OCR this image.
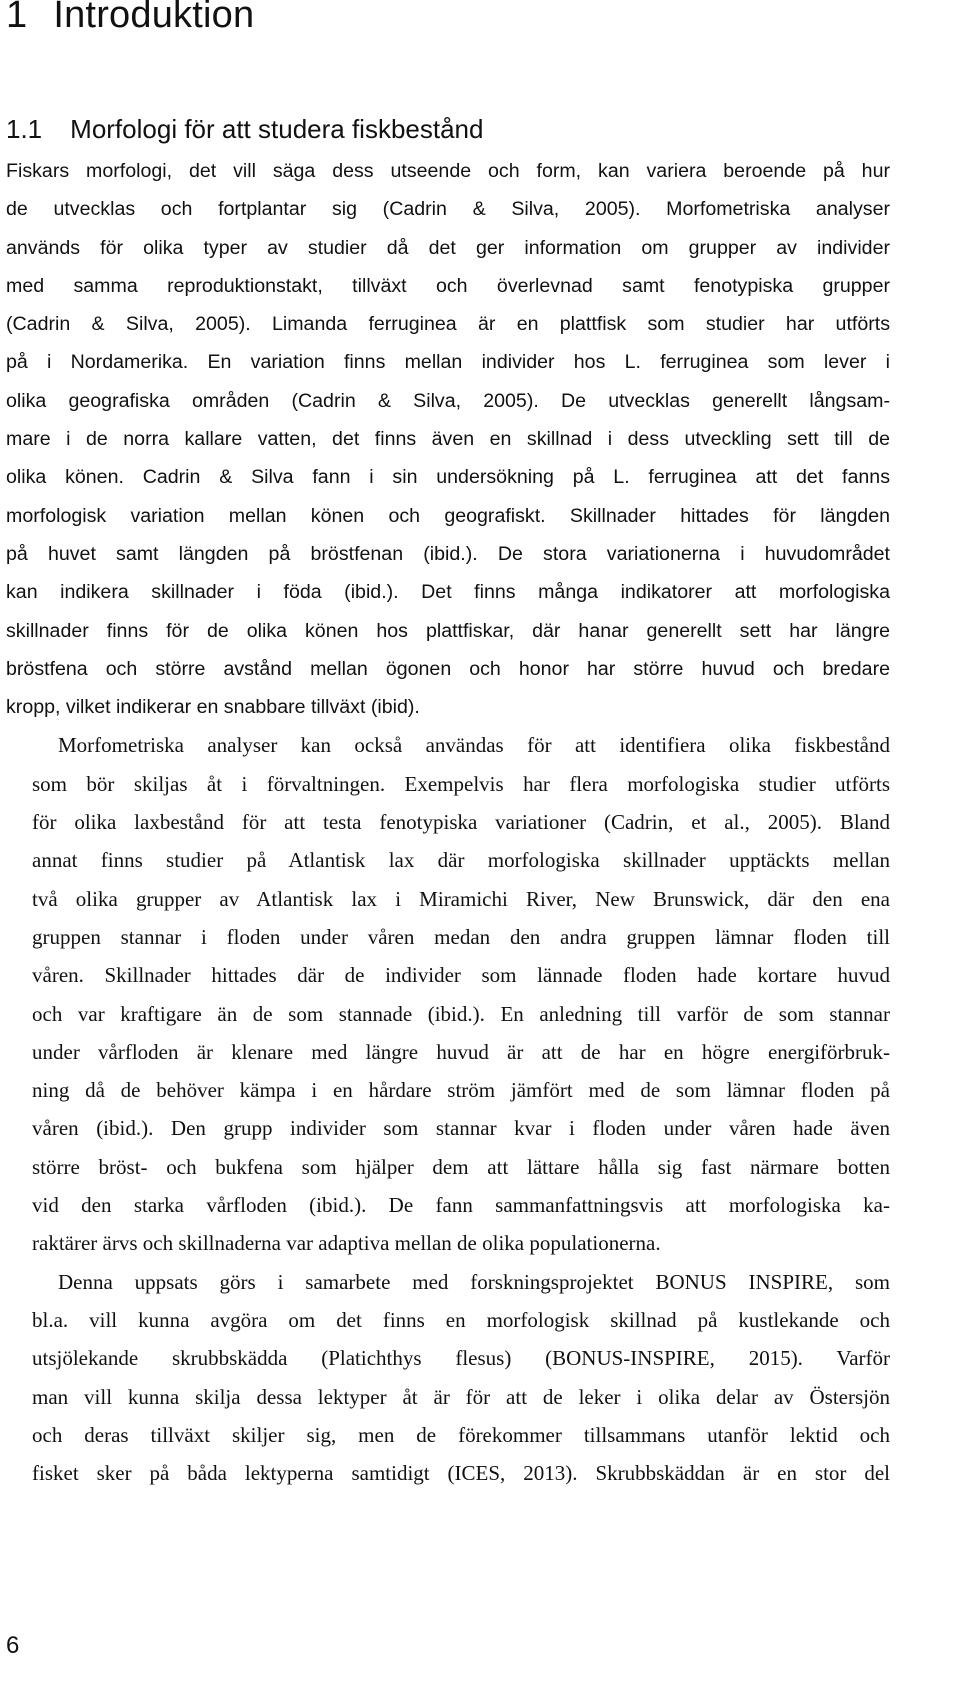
1 Introduktion
1.1 Morfologi för att studera fiskbestånd

Fiskars morfologi, det vill säga dess utseende och form, kan variera beroende på hur
de utvecklas och fortplantar sig (Cadrin & Silva, 2005). Morfometriska analyser
används för olika typer av studier då det ger information om grupper av individer
med samma reproduktionstakt, tillväxt och överlevnad samt fenotypiska grupper
(Cadrin & Silva, 2005). Limanda ferruginea är en plattfisk som studier har utförts
på i Nordamerika. En variation finns mellan individer hos L. ferruginea som lever i
olika geografiska områden (Cadrin & Silva, 2005). De utvecklas generellt långsam-
mare i de norra kallare vatten, det finns även en skillnad i dess utveckling sett till de
olika könen. Cadrin & Silva fann i sin undersökning på L. ferruginea att det fanns
morfologisk variation mellan könen och geografiskt. Skillnader hittades för längden
på huvet samt längden på bröstfenan (ibid.). De stora variationerna i huvudområdet
kan indikera skillnader i föda (ibid.). Det finns många indikatorer att morfologiska
skillnader finns för de olika könen hos plattfiskar, där hanar generellt sett har längre
bröstfena och större avstånd mellan ögonen och honor har större huvud och bredare
kropp, vilket indikerar en snabbare tillväxt (ibid).

Morfometriska analyser kan också användas för att identifiera olika fiskbestånd
som bör skiljas åt i förvaltningen. Exempelvis har flera morfologiska studier utförts
för olika laxbestånd för att testa fenotypiska variationer (Cadrin, et al., 2005). Bland
annat finns studier på Atlantisk lax där morfologiska skillnader upptäckts mellan
två olika grupper av Atlantisk lax i Miramichi River, New Brunswick, där den ena
gruppen stannar i floden under våren medan den andra gruppen lämnar floden till
våren. Skillnader hittades där de individer som lännade floden hade kortare huvud
och var kraftigare än de som stannade (ibid.). En anledning till varför de som stannar
under vårfloden är klenare med längre huvud är att de har en högre energiförbruk-
ning då de behöver kämpa i en hårdare ström jämfört med de som lämnar floden på
våren (ibid.). Den grupp individer som stannar kvar i floden under våren hade även
större bröst- och bukfena som hjälper dem att lättare hålla sig fast närmare botten
vid den starka vårfloden (ibid.). De fann sammanfattningsvis att morfologiska ka-
raktärer ärvs och skillnaderna var adaptiva mellan de olika populationerna.

Denna uppsats görs i samarbete med forskningsprojektet BONUS INSPIRE, som
bl.a. vill kunna avgöra om det finns en morfologisk skillnad på kustlekande och
utsjölekande skrubbskädda (Platichthys flesus) (BONUS-INSPIRE, 2015). Varför
man vill kunna skilja dessa lektyper åt är för att de leker i olika delar av Östersjön
och deras tillväxt skiljer sig, men de förekommer tillsammans utanför lektid och
fisket sker på båda lektyperna samtidigt (ICES, 2013). Skrubbskäddan är en stor del

6
